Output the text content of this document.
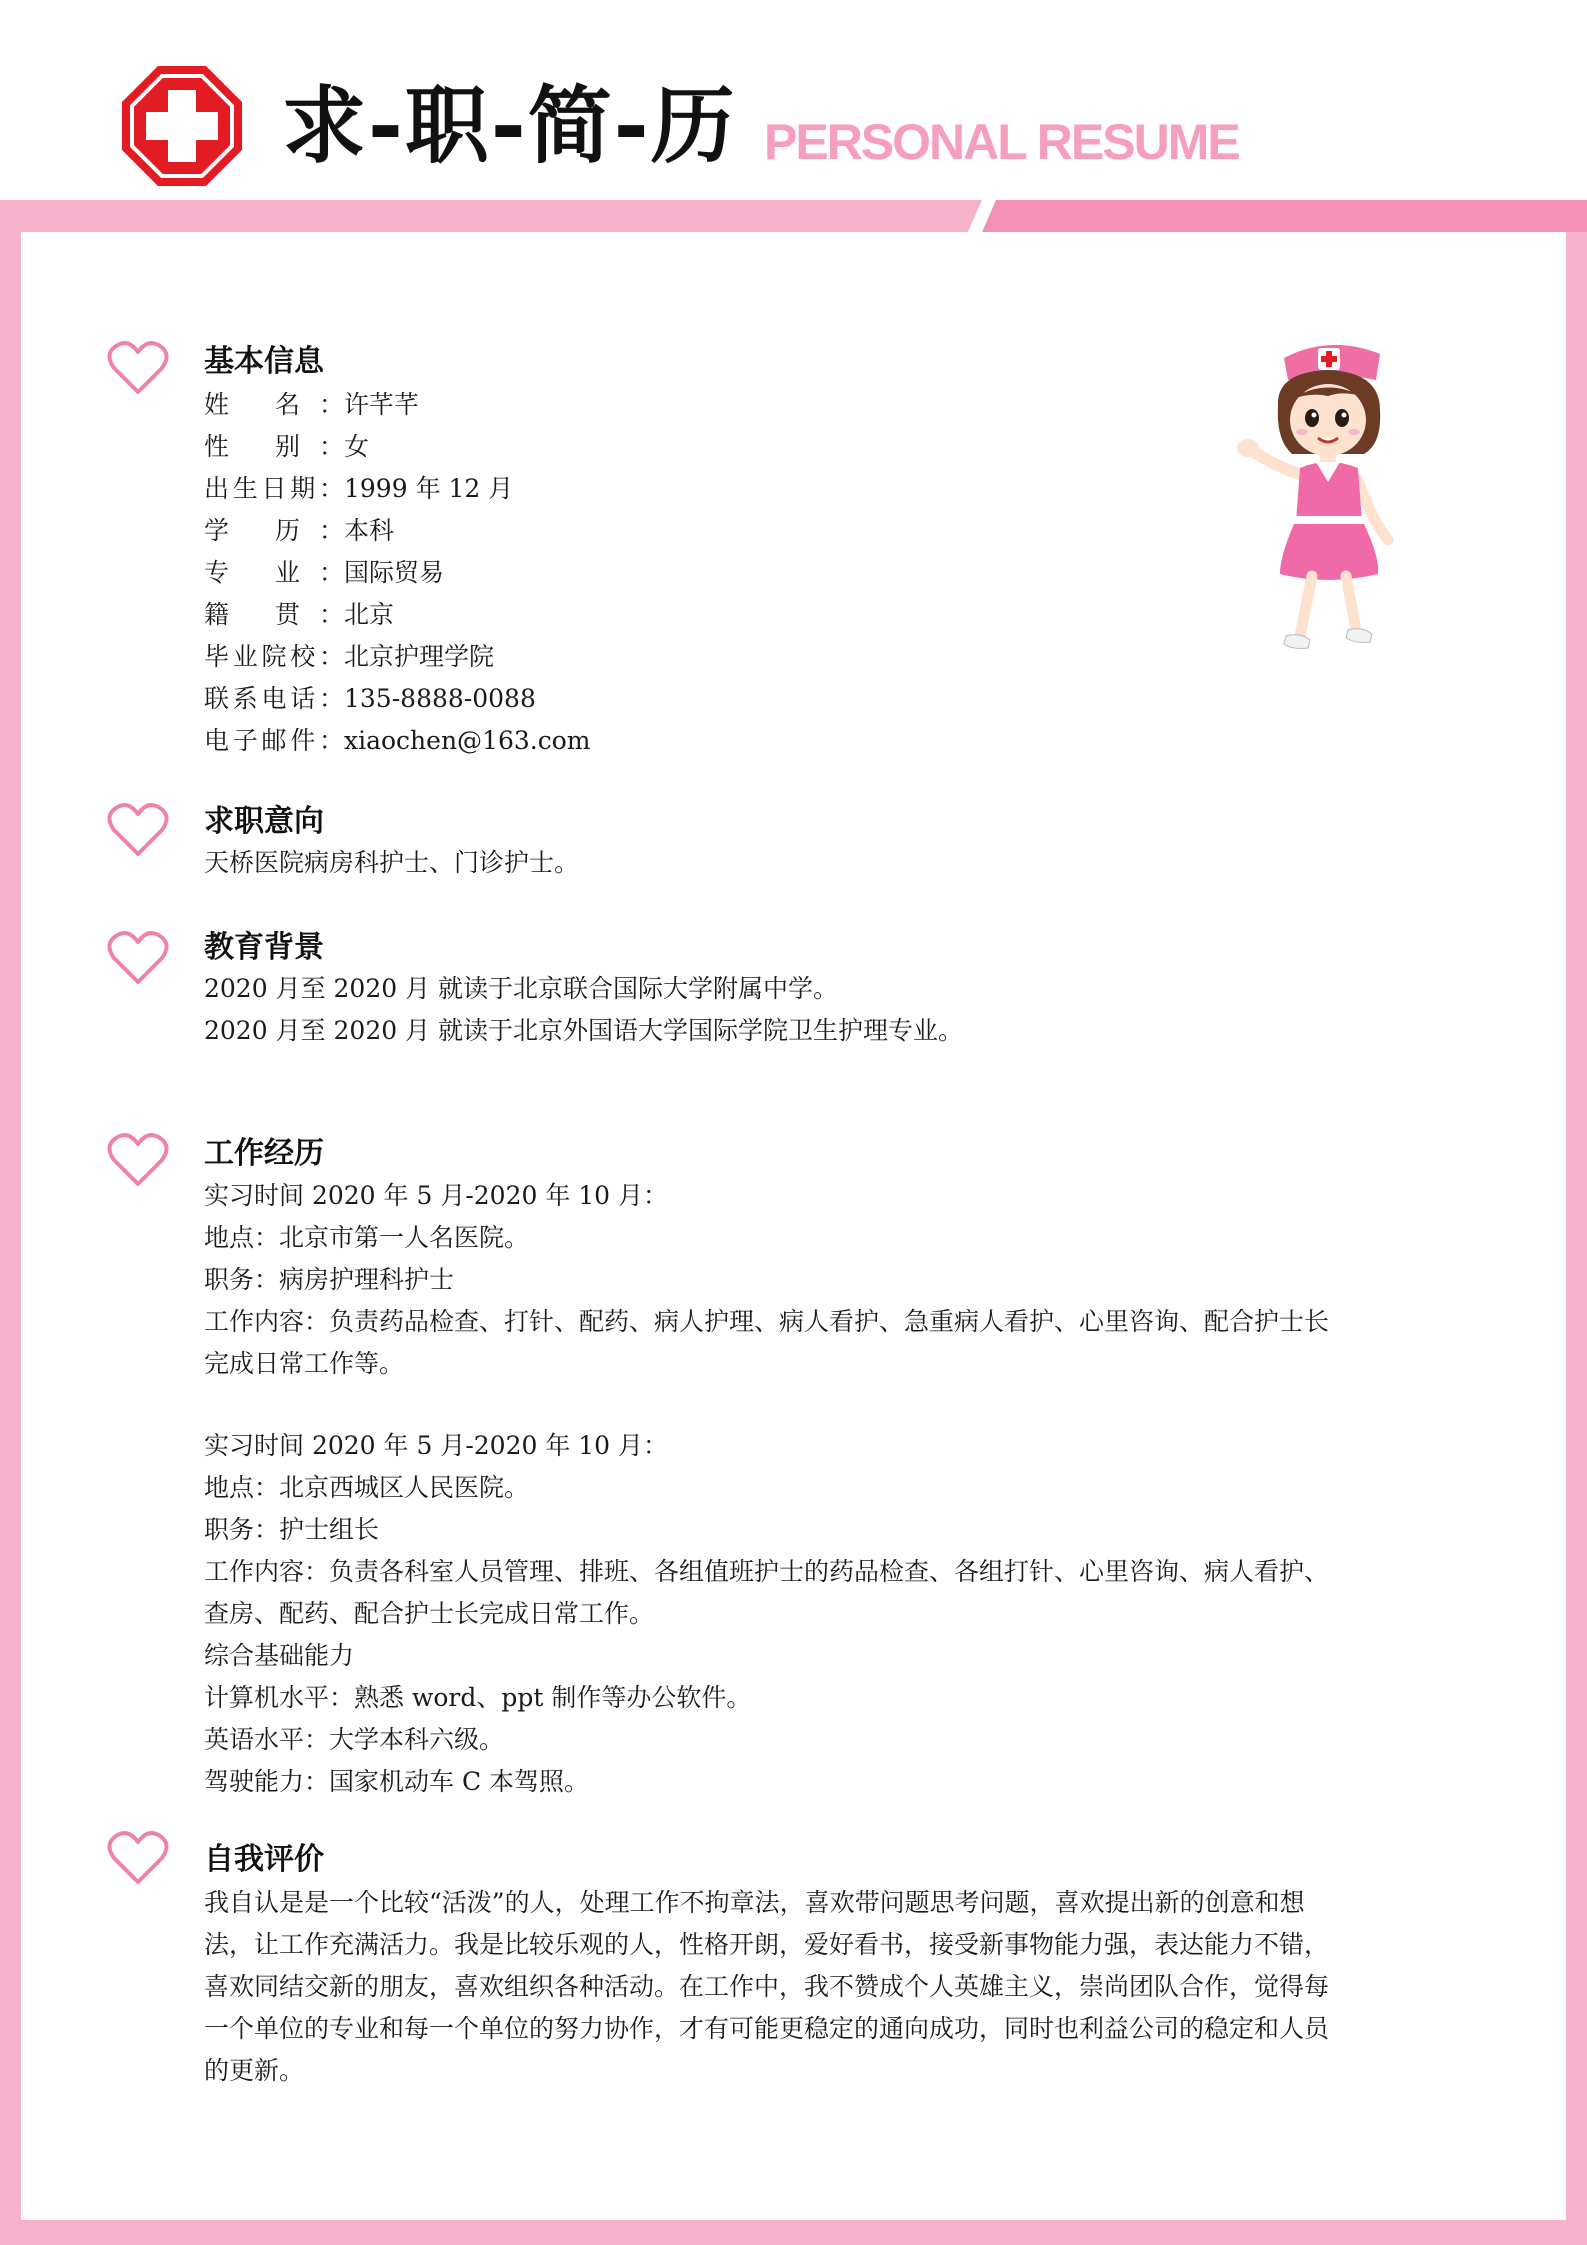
求-职-简-历 PERSONAL RESUME
基本信息
姓 名：许芊芊
性 别：女
出生日期：1999 年 12 月
学 历：本科
专 业：国际贸易
籍 贯：北京
毕业院校：北京护理学院
联系电话：135-8888-0088
电子邮件：xiaochen@163.com
求职意向

天桥医院病房科护士、门诊护士。

教育背景
2020 月至 2020 月 就读于北京联合国际大学附属中学。
2020 月至 2020 月 就读于北京外国语大学国际学院卫生护理专业。
工作经历
实习时间 2020 年 5 月-2020 年 10 月：
地点：北京市第一人名医院。
职务：病房护理科护士
工作内容：负责药品检查、打针、配药、病人护理、病人看护、急重病人看护、心里咨询、配合护士长
完成日常工作等。
实习时间 2020 年 5 月-2020 年 10 月：
地点：北京西城区人民医院。
职务：护士组长
工作内容：负责各科室人员管理、排班、各组值班护士的药品检查、各组打针、心里咨询、病人看护、
查房、配药、配合护士长完成日常工作。
综合基础能力
计算机水平：熟悉 word、ppt 制作等办公软件。
英语水平：大学本科六级。
驾驶能力：国家机动车 C 本驾照。
自我评价
我自认是是一个比较“活泼”的人，处理工作不拘章法，喜欢带问题思考问题，喜欢提出新的创意和想
法，让工作充满活力。我是比较乐观的人，性格开朗，爱好看书，接受新事物能力强，表达能力不错，
喜欢同结交新的朋友，喜欢组织各种活动。在工作中，我不赞成个人英雄主义，崇尚团队合作，觉得每
一个单位的专业和每一个单位的努力协作，才有可能更稳定的通向成功，同时也利益公司的稳定和人员
的更新。
